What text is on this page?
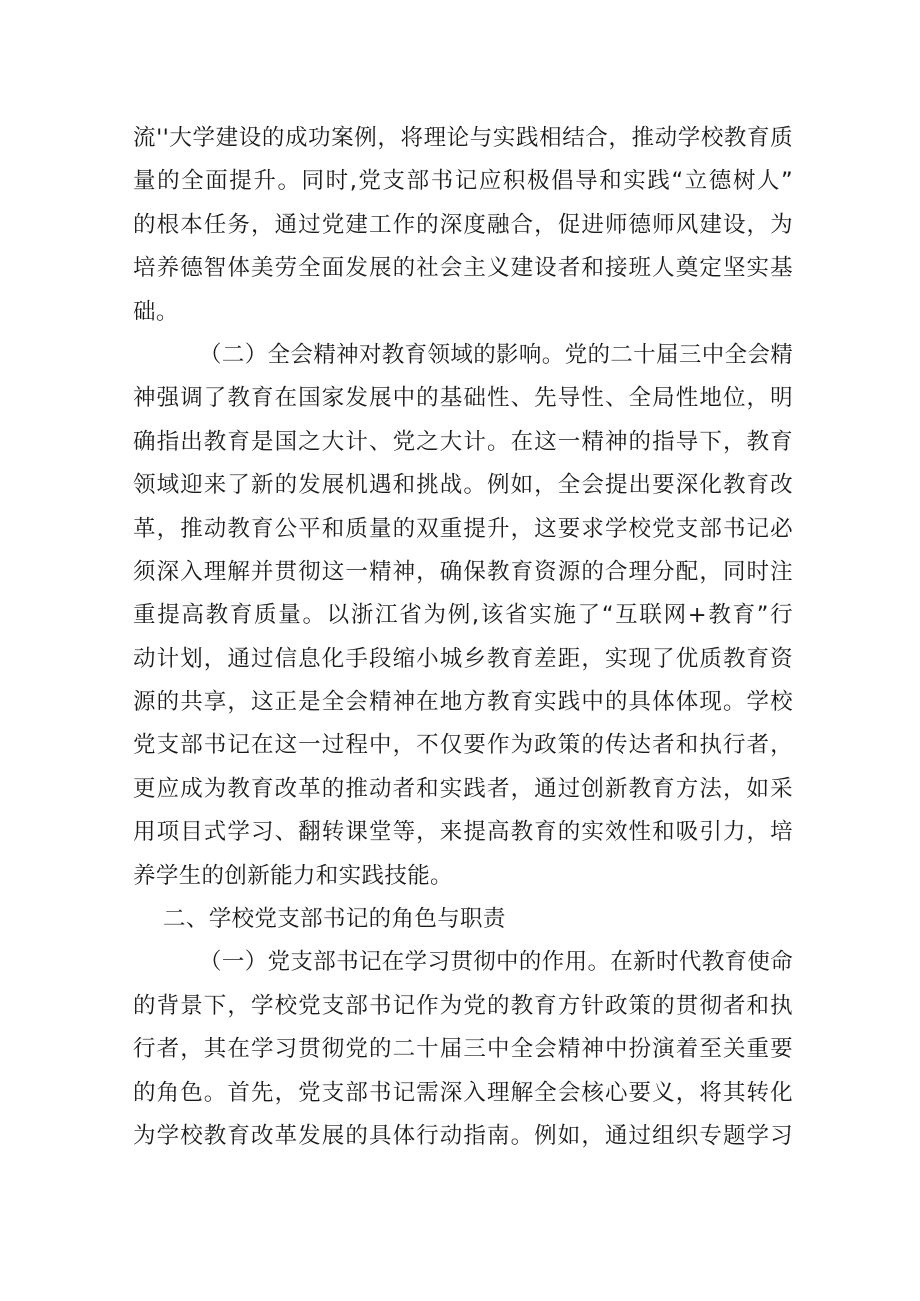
流''大学建设的成功案例，将理论与实践相结合，推动学校教育质
量的全面提升。同时,党支部书记应积极倡导和实践“立德树人”
的根本任务，通过党建工作的深度融合，促进师德师风建设，为
培养德智体美劳全面发展的社会主义建设者和接班人奠定坚实基
础。
（二）全会精神对教育领域的影响。党的二十届三中全会精
神强调了教育在国家发展中的基础性、先导性、全局性地位，明
确指出教育是国之大计、党之大计。在这一精神的指导下，教育
领域迎来了新的发展机遇和挑战。例如，全会提出要深化教育改
革，推动教育公平和质量的双重提升，这要求学校党支部书记必
须深入理解并贯彻这一精神，确保教育资源的合理分配，同时注
重提高教育质量。以浙江省为例,该省实施了“互联网+教育”行
动计划，通过信息化手段缩小城乡教育差距，实现了优质教育资
源的共享，这正是全会精神在地方教育实践中的具体体现。学校
党支部书记在这一过程中，不仅要作为政策的传达者和执行者，
更应成为教育改革的推动者和实践者，通过创新教育方法，如采
用项目式学习、翻转课堂等，来提高教育的实效性和吸引力，培
养学生的创新能力和实践技能。
二、学校党支部书记的角色与职责
（一）党支部书记在学习贯彻中的作用。在新时代教育使命
的背景下，学校党支部书记作为党的教育方针政策的贯彻者和执
行者，其在学习贯彻党的二十届三中全会精神中扮演着至关重要
的角色。首先，党支部书记需深入理解全会核心要义，将其转化
为学校教育改革发展的具体行动指南。例如，通过组织专题学习
